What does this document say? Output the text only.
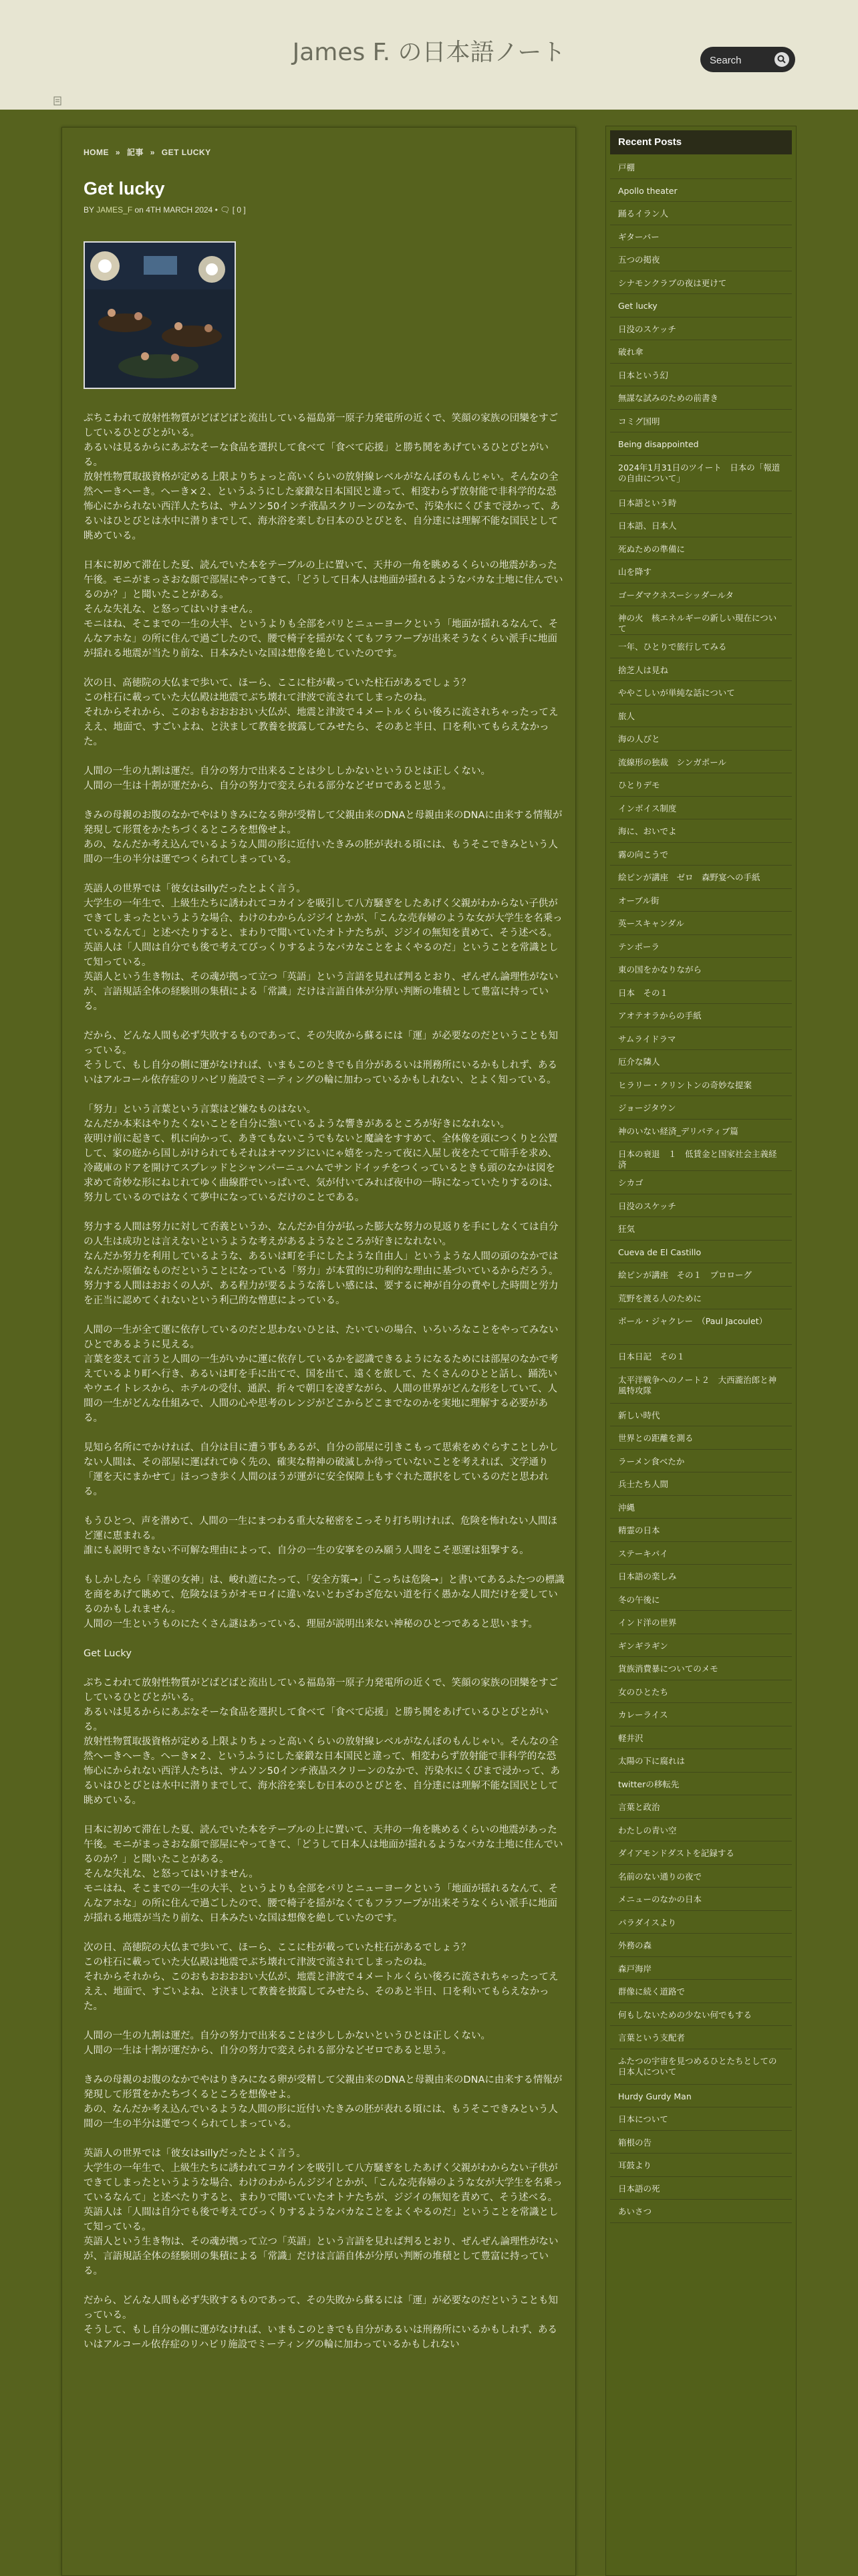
James F. の日本語ノート
Search
HOME » 記事 » GET LUCKY
Get lucky
BY JAMES_F on 4TH MARCH 2024 • 🗨 [ 0 ]

ぷちこわれて放射性物質がどばどばと流出している福島第一原子力発電所の近くで、笑顔の家族の団欒をすごしているひとびとがいる。
あるいは見るからにあぶなそーな食品を選択して食べて「食べて応援」と勝ち鬨をあげているひとびとがいる。
放射性物質取扱資格が定める上限よりちょっと高いくらいの放射線レベルがなんぼのもんじゃい。そんなの全然へーきへーき。へーき×２、というふうにした豪鍛な日本国民と違って、相変わらず放射能で非科学的な恐怖心にかられない西洋人たちは、サムソン50インチ液晶スクリーンのなかで、汚染水にくびまで浸かって、あるいはひとびとは水中に潜りまでして、海水浴を楽しむ日本のひとびとを、自分達には理解不能な国民として眺めている。

日本に初めて滞在した夏、読んでいた本をテーブルの上に置いて、天井の一角を眺めるくらいの地震があった午後。モニがまっさおな顔で部屋にやってきて、「どうして日本人は地面が揺れるようなバカな土地に住んでいるのか？」と聞いたことがある。
そんな失礼な、と怒ってはいけません。
モニはね、そこまでの一生の大半、というよりも全部をパリとニューヨークという「地面が揺れるなんて、そんなアホな」の所に住んで過ごしたので、腰で椅子を揺がなくてもフラフープが出来そうなくらい派手に地面が揺れる地震が当たり前な、日本みたいな国は想像を絶していたのです。

次の日、高徳院の大仏まで歩いて、ほーら、ここに柱が載っていた柱石があるでしょう？
この柱石に載っていた大仏殿は地震でぶち壊れて津波で流されてしまったのね。
それからそれから、このおもおおおおい大仏が、地震と津波で４メートルくらい後ろに流されちゃったってえええ、地面で、すごいよね、と決まして教養を披露してみせたら、そのあと半日、口を利いてもらえなかった。

人間の一生の九割は運だ。自分の努力で出来ることは少ししかないというひとは正しくない。
人間の一生は十割が運だから、自分の努力で変えられる部分などゼロであると思う。

きみの母親のお腹のなかでやはりきみになる卵が受精して父親由来のDNAと母親由来のDNAに由来する情報が発現して形質をかたちづくるところを想像せよ。
あの、なんだか考え込んでいるような人間の形に近付いたきみの胚が表れる頃には、もうそこできみという人間の一生の半分は運でつくられてしまっている。

英語人の世界では「彼女はsillyだったとよく言う。
大学生の一年生で、上級生たちに誘われてコカインを吸引して八方騒ぎをしたあげく父親がわからない子供ができてしまったというような場合、わけのわからんジジイとかが、「こんな売春婦のような女が大学生を名乗っているなんて」と述べたりすると、まわりで聞いていたオトナたちが、ジジイの無知を責めて、そう述べる。
英語人は「人間は自分でも後で考えてびっくりするようなバカなことをよくやるのだ」ということを常識として知っている。
英語人という生き物は、その魂が拠って立つ「英語」という言語を見れば判るとおり、ぜんぜん論理性がないが、言語規話全体の経験則の集積による「常識」だけは言語自体が分厚い判断の堆積として豊富に持っている。

だから、どんな人間も必ず失敗するものであって、その失敗から蘇るには「運」が必要なのだということも知っている。
そうして、もし自分の側に運がなければ、いまもこのときでも自分があるいは刑務所にいるかもしれず、あるいはアルコール依存症のリハビリ施設でミーティングの輪に加わっているかもしれない、とよく知っている。

「努力」という言葉という言葉はど嫌なものはない。
なんだか本来はやりたくないことを自分に強いているような響きがあるところが好きになれない。
夜明け前に起きて、机に向かって、あきてもないこうでもないと魔論をすすめて、全体像を頭につくりと公置して、家の庭から国しがけられてもそれはオマツジにいにゃ嬉をったって夜に入屋し夜をたてて暗手を求め、冷蔵庫のドアを開けてスプレッドとシャンパーニュハムでサンドイッチをつくっているときも頭のなかは図を求めて奇妙な形にねじれてゆく曲線群でいっぱいで、気が付いてみれば夜中の一時になっていたりするのは、努力しているのではなくて夢中になっているだけのことである。

努力する人間は努力に対して否義というか、なんだか自分が払った膨大な努力の見返りを手にしなくては自分の人生は成功とは言えないというような考えがあるようなところが好きになれない。
なんだか努力を利用しているような、あるいは町を手にしたような自由人」というような人間の頭のなかではなんだか原価なものだということになっている「努力」が本質的に功利的な理由に基づいているからだろう。
努力する人間はおおくの人が、ある程力が要るような落しい感には、要するに神が自分の費やした時間と労力を正当に認めてくれないという利己的な憎恵によっている。

人間の一生が全て運に依存しているのだと思わないひとは、たいていの場合、いろいろなことをやってみないひとであるように見える。
言葉を変えて言うと人間の一生がいかに運に依存しているかを認識できるようになるためには部屋のなかで考えているより町へ行き、あるいは町を手に出てで、国を出て、遠くを旅して、たくさんのひとと話し、踊洗いやウエイトレスから、ホテルの受付、通訳、折々で朝口を凌ぎながら、人間の世界がどんな形をしていて、人間の一生がどんな仕組みで、人間の心や思考のレンジがどこからどこまでなのかを実地に理解する必要がある。

見知ら名所にでかければ、自分は目に遭う事もあるが、自分の部屋に引きこもって思索をめぐらすことしかしない人間は、その部屋に運ばれてゆく先の、確実な精神の破滅しか待っていないことを考えれば、文学通り「運を天にまかせて」ほっつき歩く人間のほうが運がに安全保障上もすぐれた選択をしているのだと思われる。

もうひとつ、声を潜めて、人間の一生にまつわる重大な秘密をこっそり打ち明ければ、危険を怖れない人間ほど運に恵まれる。
誰にも説明できない不可解な理由によって、自分の一生の安寧をのみ願う人間をこそ悪運は狙撃する。

もしかしたら「幸運の女神」は、峻れ遊にたって、「安全方策→」「こっちは危険→」と書いてあるふたつの標識を商をあげて眺めて、危険なほうがオモロイに違いないとわざわざ危ない道を行く愚かな人間だけを愛しているのかもしれません。
人間の一生というものにたくさん謎はあっている、理屈が説明出来ない神秘のひとつであると思います。

Get Lucky

ぷちこわれて放射性物質がどばどばと流出している福島第一原子力発電所の近くで、笑顔の家族の団欒をすごしているひとびとがいる。
あるいは見るからにあぶなそーな食品を選択して食べて「食べて応援」と勝ち鬨をあげているひとびとがいる。
放射性物質取扱資格が定める上限よりちょっと高いくらいの放射線レベルがなんぼのもんじゃい。そんなの全然へーきへーき。へーき×２、というふうにした豪鍛な日本国民と違って、相変わらず放射能で非科学的な恐怖心にかられない西洋人たちは、サムソン50インチ液晶スクリーンのなかで、汚染水にくびまで浸かって、あるいはひとびとは水中に潜りまでして、海水浴を楽しむ日本のひとびとを、自分達には理解不能な国民として眺めている。

日本に初めて滞在した夏、読んでいた本をテーブルの上に置いて、天井の一角を眺めるくらいの地震があった午後。モニがまっさおな顔で部屋にやってきて、「どうして日本人は地面が揺れるようなバカな土地に住んでいるのか？」と聞いたことがある。
そんな失礼な、と怒ってはいけません。
モニはね、そこまでの一生の大半、というよりも全部をパリとニューヨークという「地面が揺れるなんて、そんなアホな」の所に住んで過ごしたので、腰で椅子を揺がなくてもフラフープが出来そうなくらい派手に地面が揺れる地震が当たり前な、日本みたいな国は想像を絶していたのです。

次の日、高徳院の大仏まで歩いて、ほーら、ここに柱が載っていた柱石があるでしょう？
この柱石に載っていた大仏殿は地震でぶち壊れて津波で流されてしまったのね。
それからそれから、このおもおおおおい大仏が、地震と津波で４メートルくらい後ろに流されちゃったってえええ、地面で、すごいよね、と決まして教養を披露してみせたら、そのあと半日、口を利いてもらえなかった。

人間の一生の九割は運だ。自分の努力で出来ることは少ししかないというひとは正しくない。
人間の一生は十割が運だから、自分の努力で変えられる部分などゼロであると思う。

きみの母親のお腹のなかでやはりきみになる卵が受精して父親由来のDNAと母親由来のDNAに由来する情報が発現して形質をかたちづくるところを想像せよ。
あの、なんだか考え込んでいるような人間の形に近付いたきみの胚が表れる頃には、もうそこできみという人間の一生の半分は運でつくられてしまっている。

英語人の世界では「彼女はsillyだったとよく言う。
大学生の一年生で、上級生たちに誘われてコカインを吸引して八方騒ぎをしたあげく父親がわからない子供ができてしまったというような場合、わけのわからんジジイとかが、「こんな売春婦のような女が大学生を名乗っているなんて」と述べたりすると、まわりで聞いていたオトナたちが、ジジイの無知を責めて、そう述べる。
英語人は「人間は自分でも後で考えてびっくりするようなバカなことをよくやるのだ」ということを常識として知っている。
英語人という生き物は、その魂が拠って立つ「英語」という言語を見れば判るとおり、ぜんぜん論理性がないが、言語規話全体の経験則の集積による「常識」だけは言語自体が分厚い判断の堆積として豊富に持っている。

だから、どんな人間も必ず失敗するものであって、その失敗から蘇るには「運」が必要なのだということも知っている。
そうして、もし自分の側に運がなければ、いまもこのときでも自分があるいは刑務所にいるかもしれず、あるいはアルコール依存症のリハビリ施設でミーティングの輪に加わっているかもしれない

Recent Posts
戸棚
Apollo theater
踊るイラン人
ギターバー
五つの掲夜
シナモンクラブの夜は更けて
Get lucky
日没のスケッチ
破れ傘
日本という幻
無謀な試みのための前書き
コミグ国明
Being disappointed
2024年1月31日のツイート　日本の「報道の自由について」
日本語という時
日本語、日本人
死ぬための準備に
山を降す
ゴーダマクネスーシッダールタ
神の火　核エネルギーの新しい現在について
一年、ひとりで旅行してみる
捨芝人は見ね
ややこしいが単純な話について
旅人
海の人びと
流線形の独裁　シンガポール
ひとりデモ
インボイス制度
海に、おいでよ
霧の向こうで
絵ピンが講座　ゼロ　森野宴への手紙
オーブル街
英ースキャンダル
テンポーラ
東の国をかなりながら
日本　その１
アオテオラからの手紙
サムライドラマ
厄介な隣人
ヒラリー・クリントンの奇妙な提案
ジョージタウン
神のいない経済_デリバティブ篇
日本の衰退　１　低賃金と国家社会主義経済
シカゴ
日没のスケッチ
狂気
Cueva de El Castillo
絵ピンが講座　その１　プロローグ
荒野を渡る人のために
ボール・ジャクレー　（Paul Jacoulet）
日本日記　その１
太平洋戦争へのノート２　大西瀧治郎と神風特攻隊
新しい時代
世界との距離を測る
ラーメン食べたか
兵士たち人間
沖縄
精霊の日本
ステーキパイ
日本語の楽しみ
冬の午後に
インド洋の世界
ギンギラギン
貨族消費暴についてのメモ
女のひとたち
カレーライス
軽井沢
太陽の下に腐れは
twitterの移転先
言葉と政治
わたしの青い空
ダイアモンドダストを記録する
名前のない通りの夜で
メニューのなかの日本
パラダイスより
外務の森
森戸海岸
群像に続く道路で
何もしないための少ない何でもする
言葉という支配者
ふたつの宇宙を見つめるひとたちとしての日本人について
Hurdy Gurdy Man
日本について
箱根の告
耳鼓より
日本語の死
あいさつ
